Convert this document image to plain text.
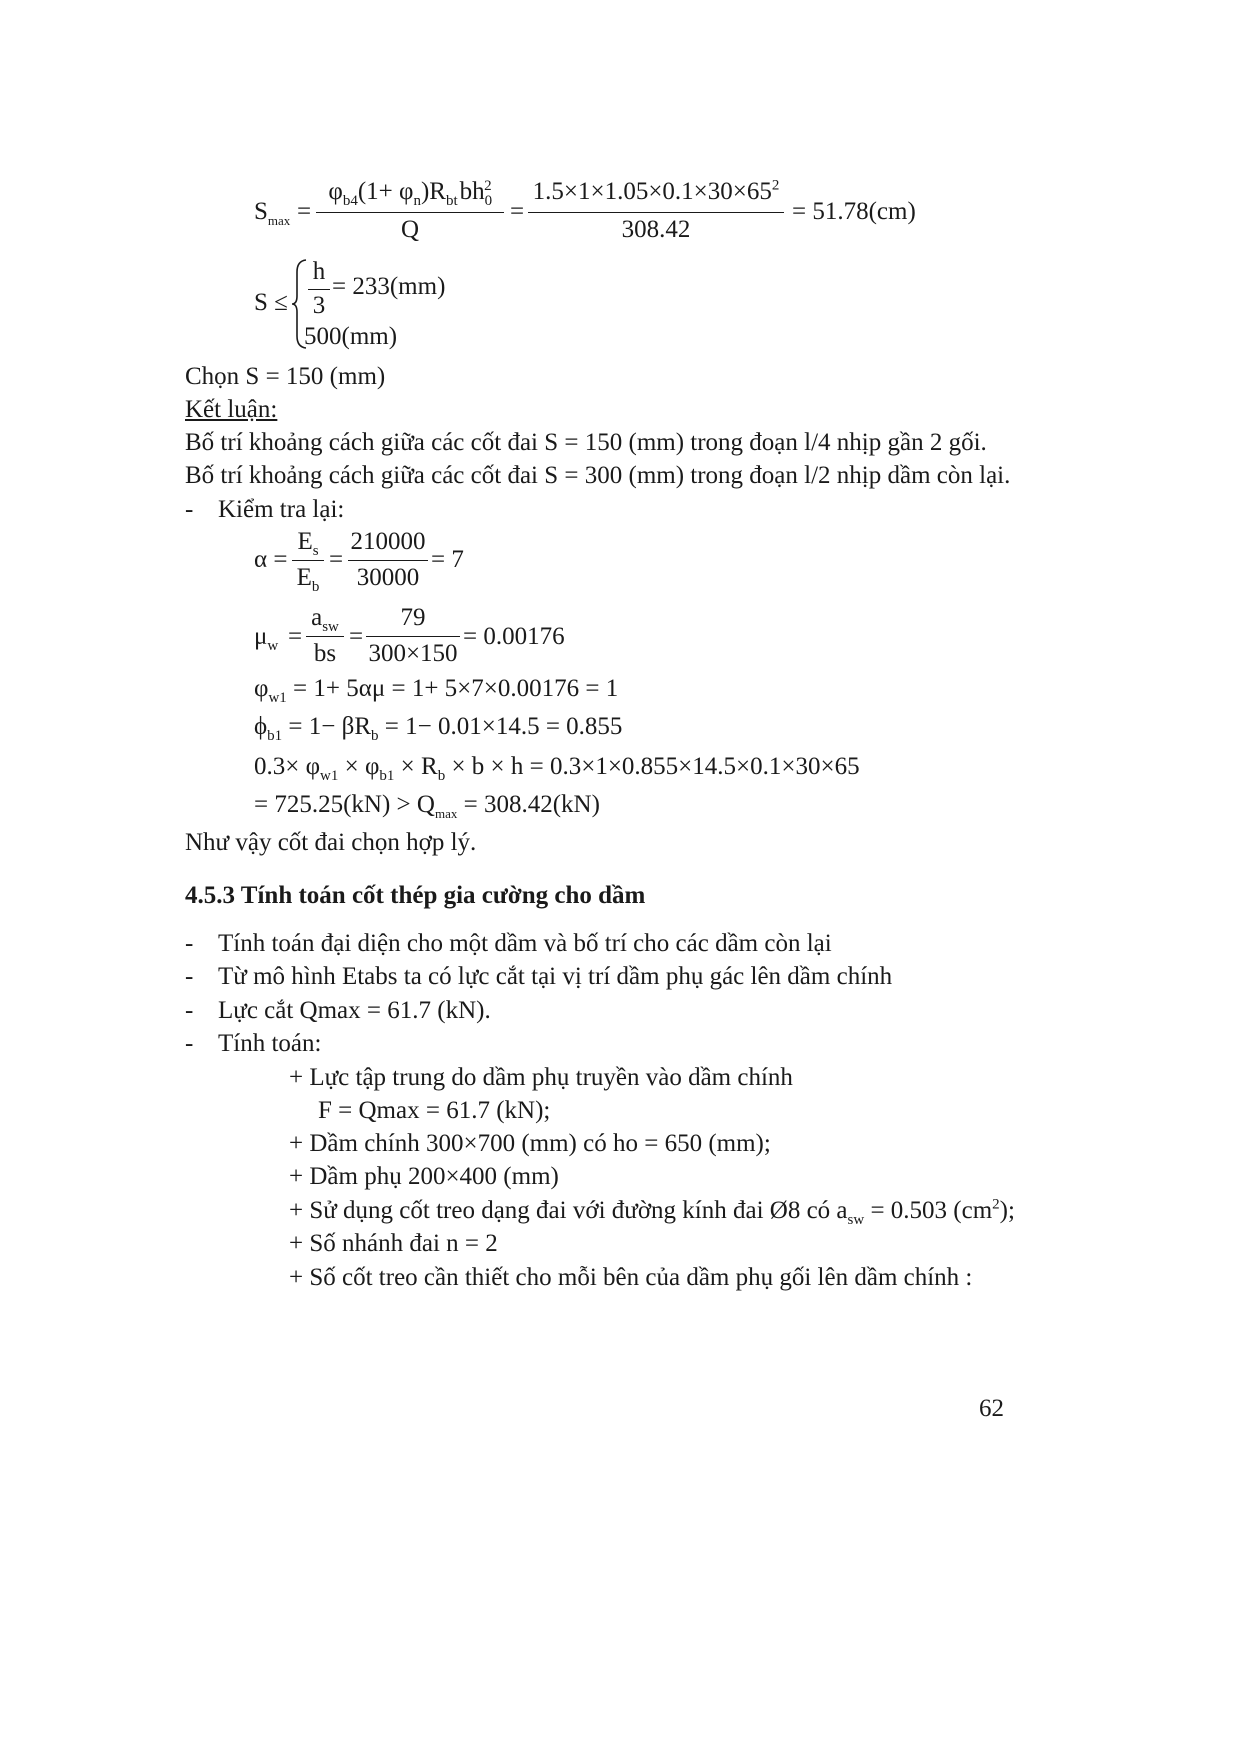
$S_{max}$ =
$\varphi_{b4}(1+ \varphi_n)R_{bt}bh_0^2$
Q
=
$1.5\times 1\times 1.05\times 0.1\times 30\times 65^2$
308.42
= 51.78(cm)
S ≤
h
3
= 233(mm)
500(mm)
Chọn S = 150 (mm)
Kết luận:
Bố trí khoảng cách giữa các cốt đai S = 150 (mm) trong đoạn l/4 nhịp gần 2 gối.
Bố trí khoảng cách giữa các cốt đai S = 300 (mm) trong đoạn l/2 nhịp dầm còn lại.
- Kiểm tra lại:
α =
$E_s$
$E_b$
=
210000
30000
= 7
$\mu_w$ =
$a_{sw}$
bs
=
79
300×150
= 0.00176
$\varphi_{w1} = 1+ 5\alpha\mu = 1+ 5\times 7\times 0.00176 = 1$
$\phi_{b1} = 1- \beta R_b = 1- 0.01\times 14.5 = 0.855$
$0.3\times \varphi_{w1} \times \varphi_{b1} \times R_b \times b \times h = 0.3\times 1\times 0.855\times 14.5\times 0.1\times 30\times 65$
= $725.25(kN) > Q_{max} = 308.42(kN)$
Như vậy cốt đai chọn hợp lý.
4.5.3 Tính toán cốt thép gia cường cho dầm
- Tính toán đại diện cho một dầm và bố trí cho các dầm còn lại
- Từ mô hình Etabs ta có lực cắt tại vị trí dầm phụ gác lên dầm chính
- Lực cắt Qmax = 61.7 (kN).
- Tính toán:
+ Lực tập trung do dầm phụ truyền vào dầm chính
F = Qmax = 61.7 (kN);
+ Dầm chính 300×700 (mm) có ho = 650 (mm);
+ Dầm phụ 200×400 (mm)
+ Sử dụng cốt treo dạng đai với đường kính đai Ø8 có $a_{sw} = 0.503$ $(cm^2)$;
+ Số nhánh đai n = 2
+ Số cốt treo cần thiết cho mỗi bên của dầm phụ gối lên dầm chính :
62
